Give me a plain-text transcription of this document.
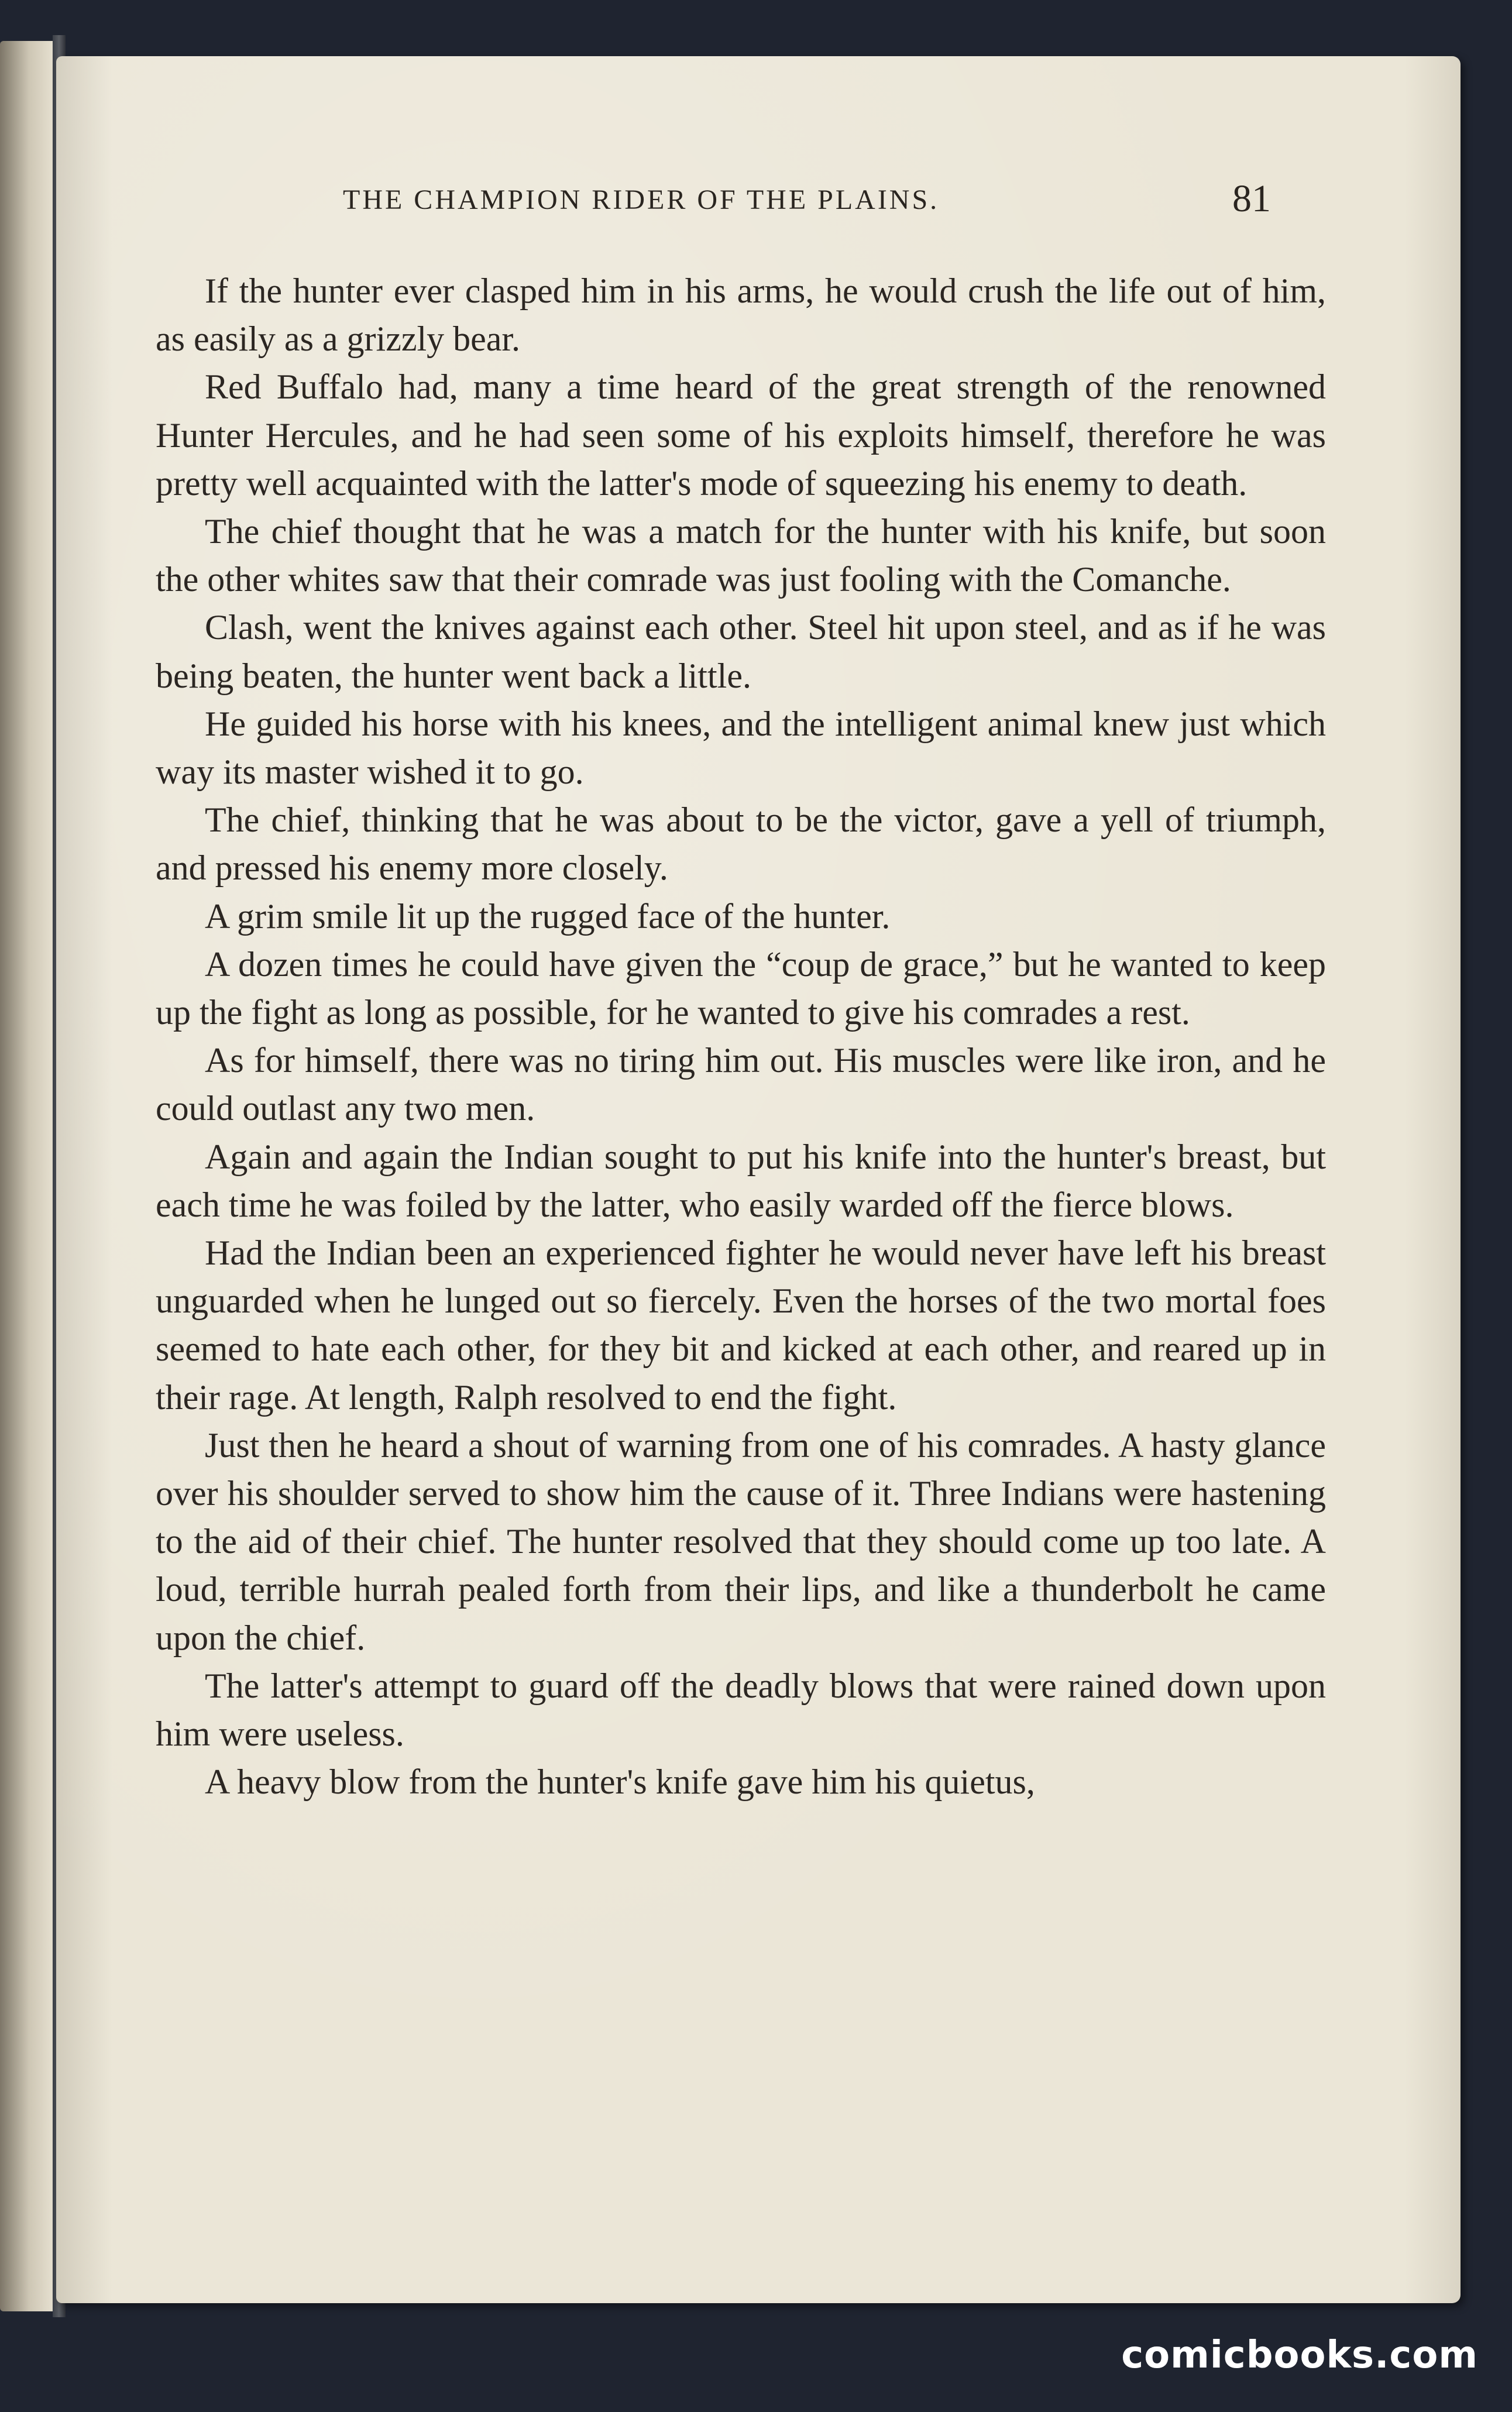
THE CHAMPION RIDER OF THE PLAINS.	81

If the hunter ever clasped him in his arms, he would crush the life out of him, as easily as a grizzly bear.

Red Buffalo had, many a time heard of the great strength of the renowned Hunter Hercules, and he had seen some of his exploits himself, therefore he was pretty well acquainted with the latter's mode of squeezing his enemy to death.

The chief thought that he was a match for the hunter with his knife, but soon the other whites saw that their comrade was just fooling with the Comanche.

Clash, went the knives against each other. Steel hit upon steel, and as if he was being beaten, the hunter went back a little.

He guided his horse with his knees, and the intelligent animal knew just which way its master wished it to go.

The chief, thinking that he was about to be the victor, gave a yell of triumph, and pressed his enemy more closely.

A grim smile lit up the rugged face of the hunter.

A dozen times he could have given the “coup de grace,” but he wanted to keep up the fight as long as possible, for he wanted to give his comrades a rest.

As for himself, there was no tiring him out. His muscles were like iron, and he could outlast any two men.

Again and again the Indian sought to put his knife into the hunter's breast, but each time he was foiled by the latter, who easily warded off the fierce blows.

Had the Indian been an experienced fighter he would never have left his breast unguarded when he lunged out so fiercely. Even the horses of the two mortal foes seemed to hate each other, for they bit and kicked at each other, and reared up in their rage. At length, Ralph resolved to end the fight.

Just then he heard a shout of warning from one of his comrades. A hasty glance over his shoulder served to show him the cause of it. Three Indians were hastening to the aid of their chief. The hunter resolved that they should come up too late. A loud, terrible hurrah pealed forth from their lips, and like a thunderbolt he came upon the chief.

The latter's attempt to guard off the deadly blows that were rained down upon him were useless.

A heavy blow from the hunter's knife gave him his quietus,

comicbooks.com
